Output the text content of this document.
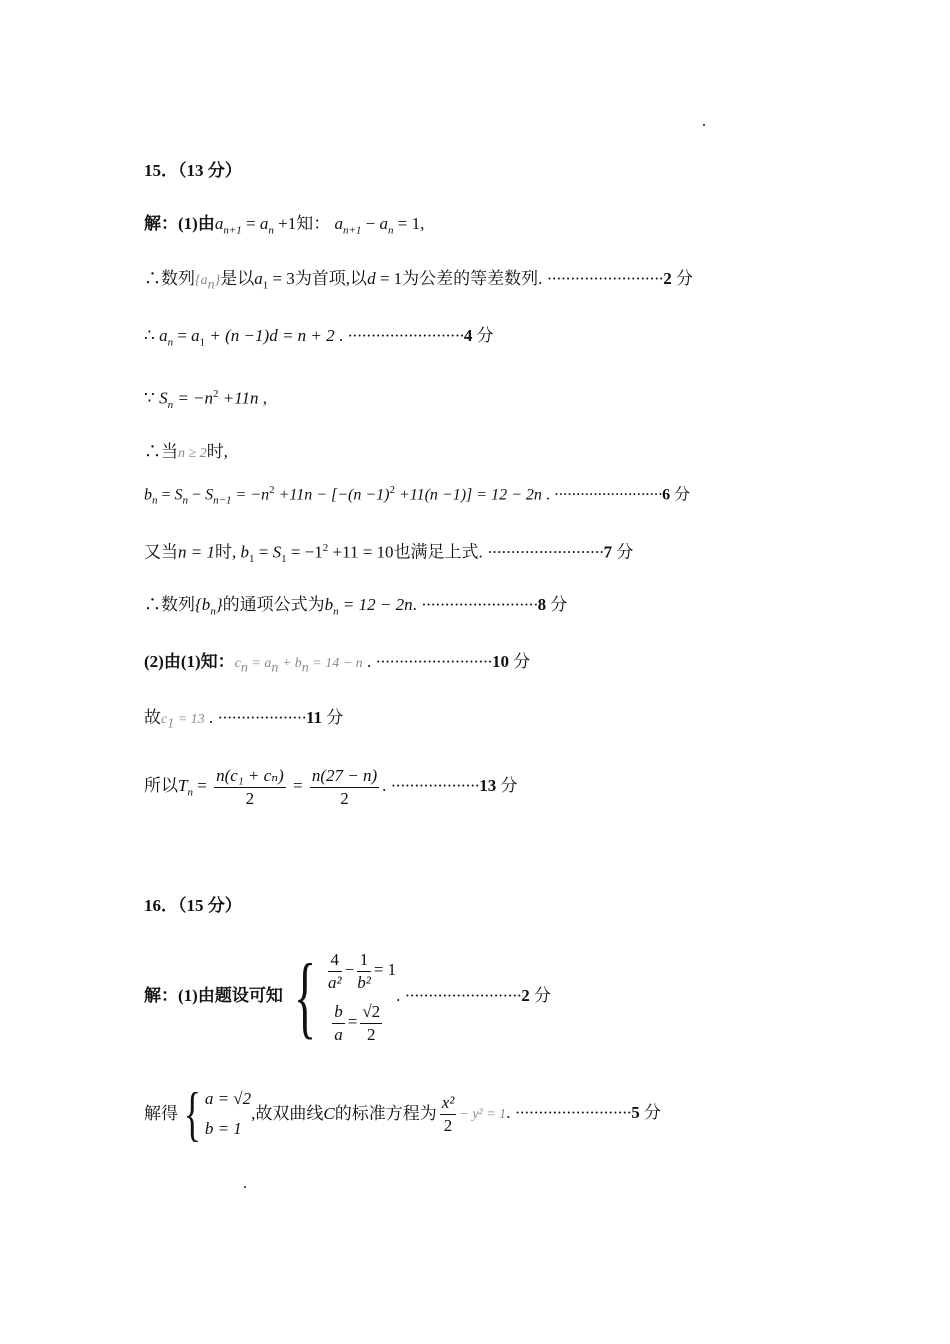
15．（13 分）
解：(1)由$a_{n+1} = a_n +1$知： $a_{n+1} - a_n = 1$,
∴数列$\{a_n\}$是以$a_1 = 3$为首项,以d = 1为公差的等差数列. ·························2 分
∴ $a_n = a_1 + (n -1)d = n + 2$ . ·························4 分
∵ $S_n = -n^2 +11n$ ,
∴当n ≥ 2时,
$b_n = S_n - S_{n-1} = -n^2 +11n - [-(n -1)^2 +11(n -1)] = 12 - 2n$ . ·························6 分
又当n = 1时, $b_1 = S_1 = -1^2 +11 = 10$也满足上式. ·························7 分
∴数列$\{b_n\}$的通项公式为$b_n = 12 - 2n$. ·························8 分
(2)由(1)知：$c_n = a_n + b_n = 14 - n$ . ·························10 分
故$c_1 = 13$ . ···················11 分
所以$T_n = \frac{\text{n(c₁ + cₙ)}}{2} = \frac{n(27 - n)}{2}$ . ···················13 分
16．（15 分）
解：(1)由题设可知 { $\frac{4}{\text{a²}} - \frac{1}{\text{b²}} = 1$

$\frac{b}{a} = \frac{√2}{2}$
. ·························2 分
解得{ a = √2
b = 1
,故双曲线C的标准方程为 $\frac{\text{x²}}{2} - y^2 = 1$. ·························5 分
